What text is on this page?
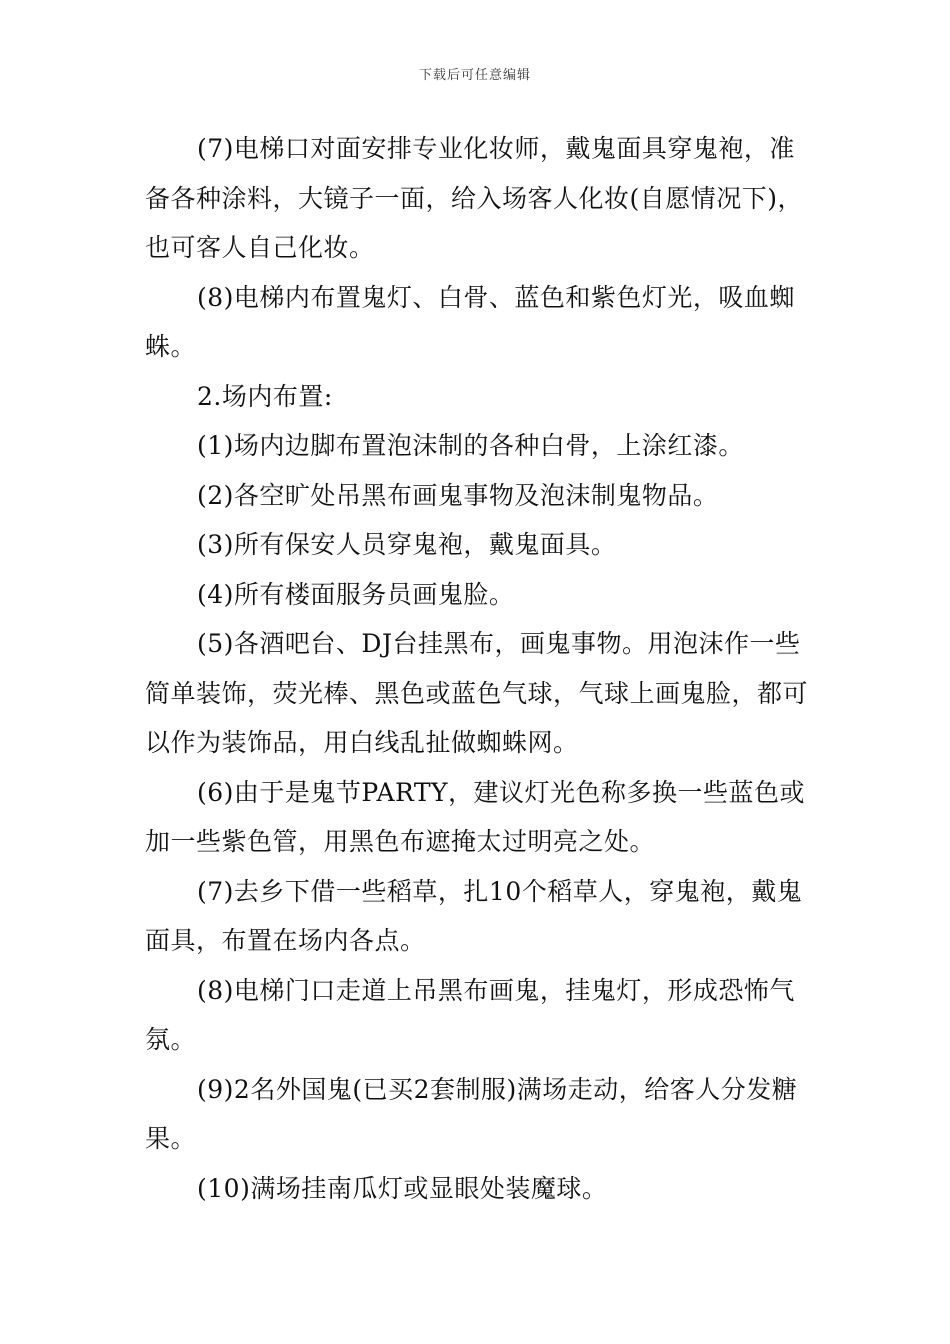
下载后可任意编辑

(7)电梯口对面安排专业化妆师，戴鬼面具穿鬼袍，准备各种涂料，大镜子一面，给入场客人化妆(自愿情况下)，也可客人自己化妆。

(8)电梯内布置鬼灯、白骨、蓝色和紫色灯光，吸血蜘蛛。

2.场内布置:

(1)场内边脚布置泡沫制的各种白骨，上涂红漆。

(2)各空旷处吊黑布画鬼事物及泡沫制鬼物品。

(3)所有保安人员穿鬼袍，戴鬼面具。

(4)所有楼面服务员画鬼脸。

(5)各酒吧台、DJ台挂黑布，画鬼事物。用泡沫作一些简单装饰，荧光棒、黑色或蓝色气球，气球上画鬼脸，都可以作为装饰品，用白线乱扯做蜘蛛网。

(6)由于是鬼节PARTY，建议灯光色称多换一些蓝色或加一些紫色管，用黑色布遮掩太过明亮之处。

(7)去乡下借一些稻草，扎10个稻草人，穿鬼袍，戴鬼面具，布置在场内各点。

(8)电梯门口走道上吊黑布画鬼，挂鬼灯，形成恐怖气氛。

(9)2名外国鬼(已买2套制服)满场走动，给客人分发糖果。

(10)满场挂南瓜灯或显眼处装魔球。
